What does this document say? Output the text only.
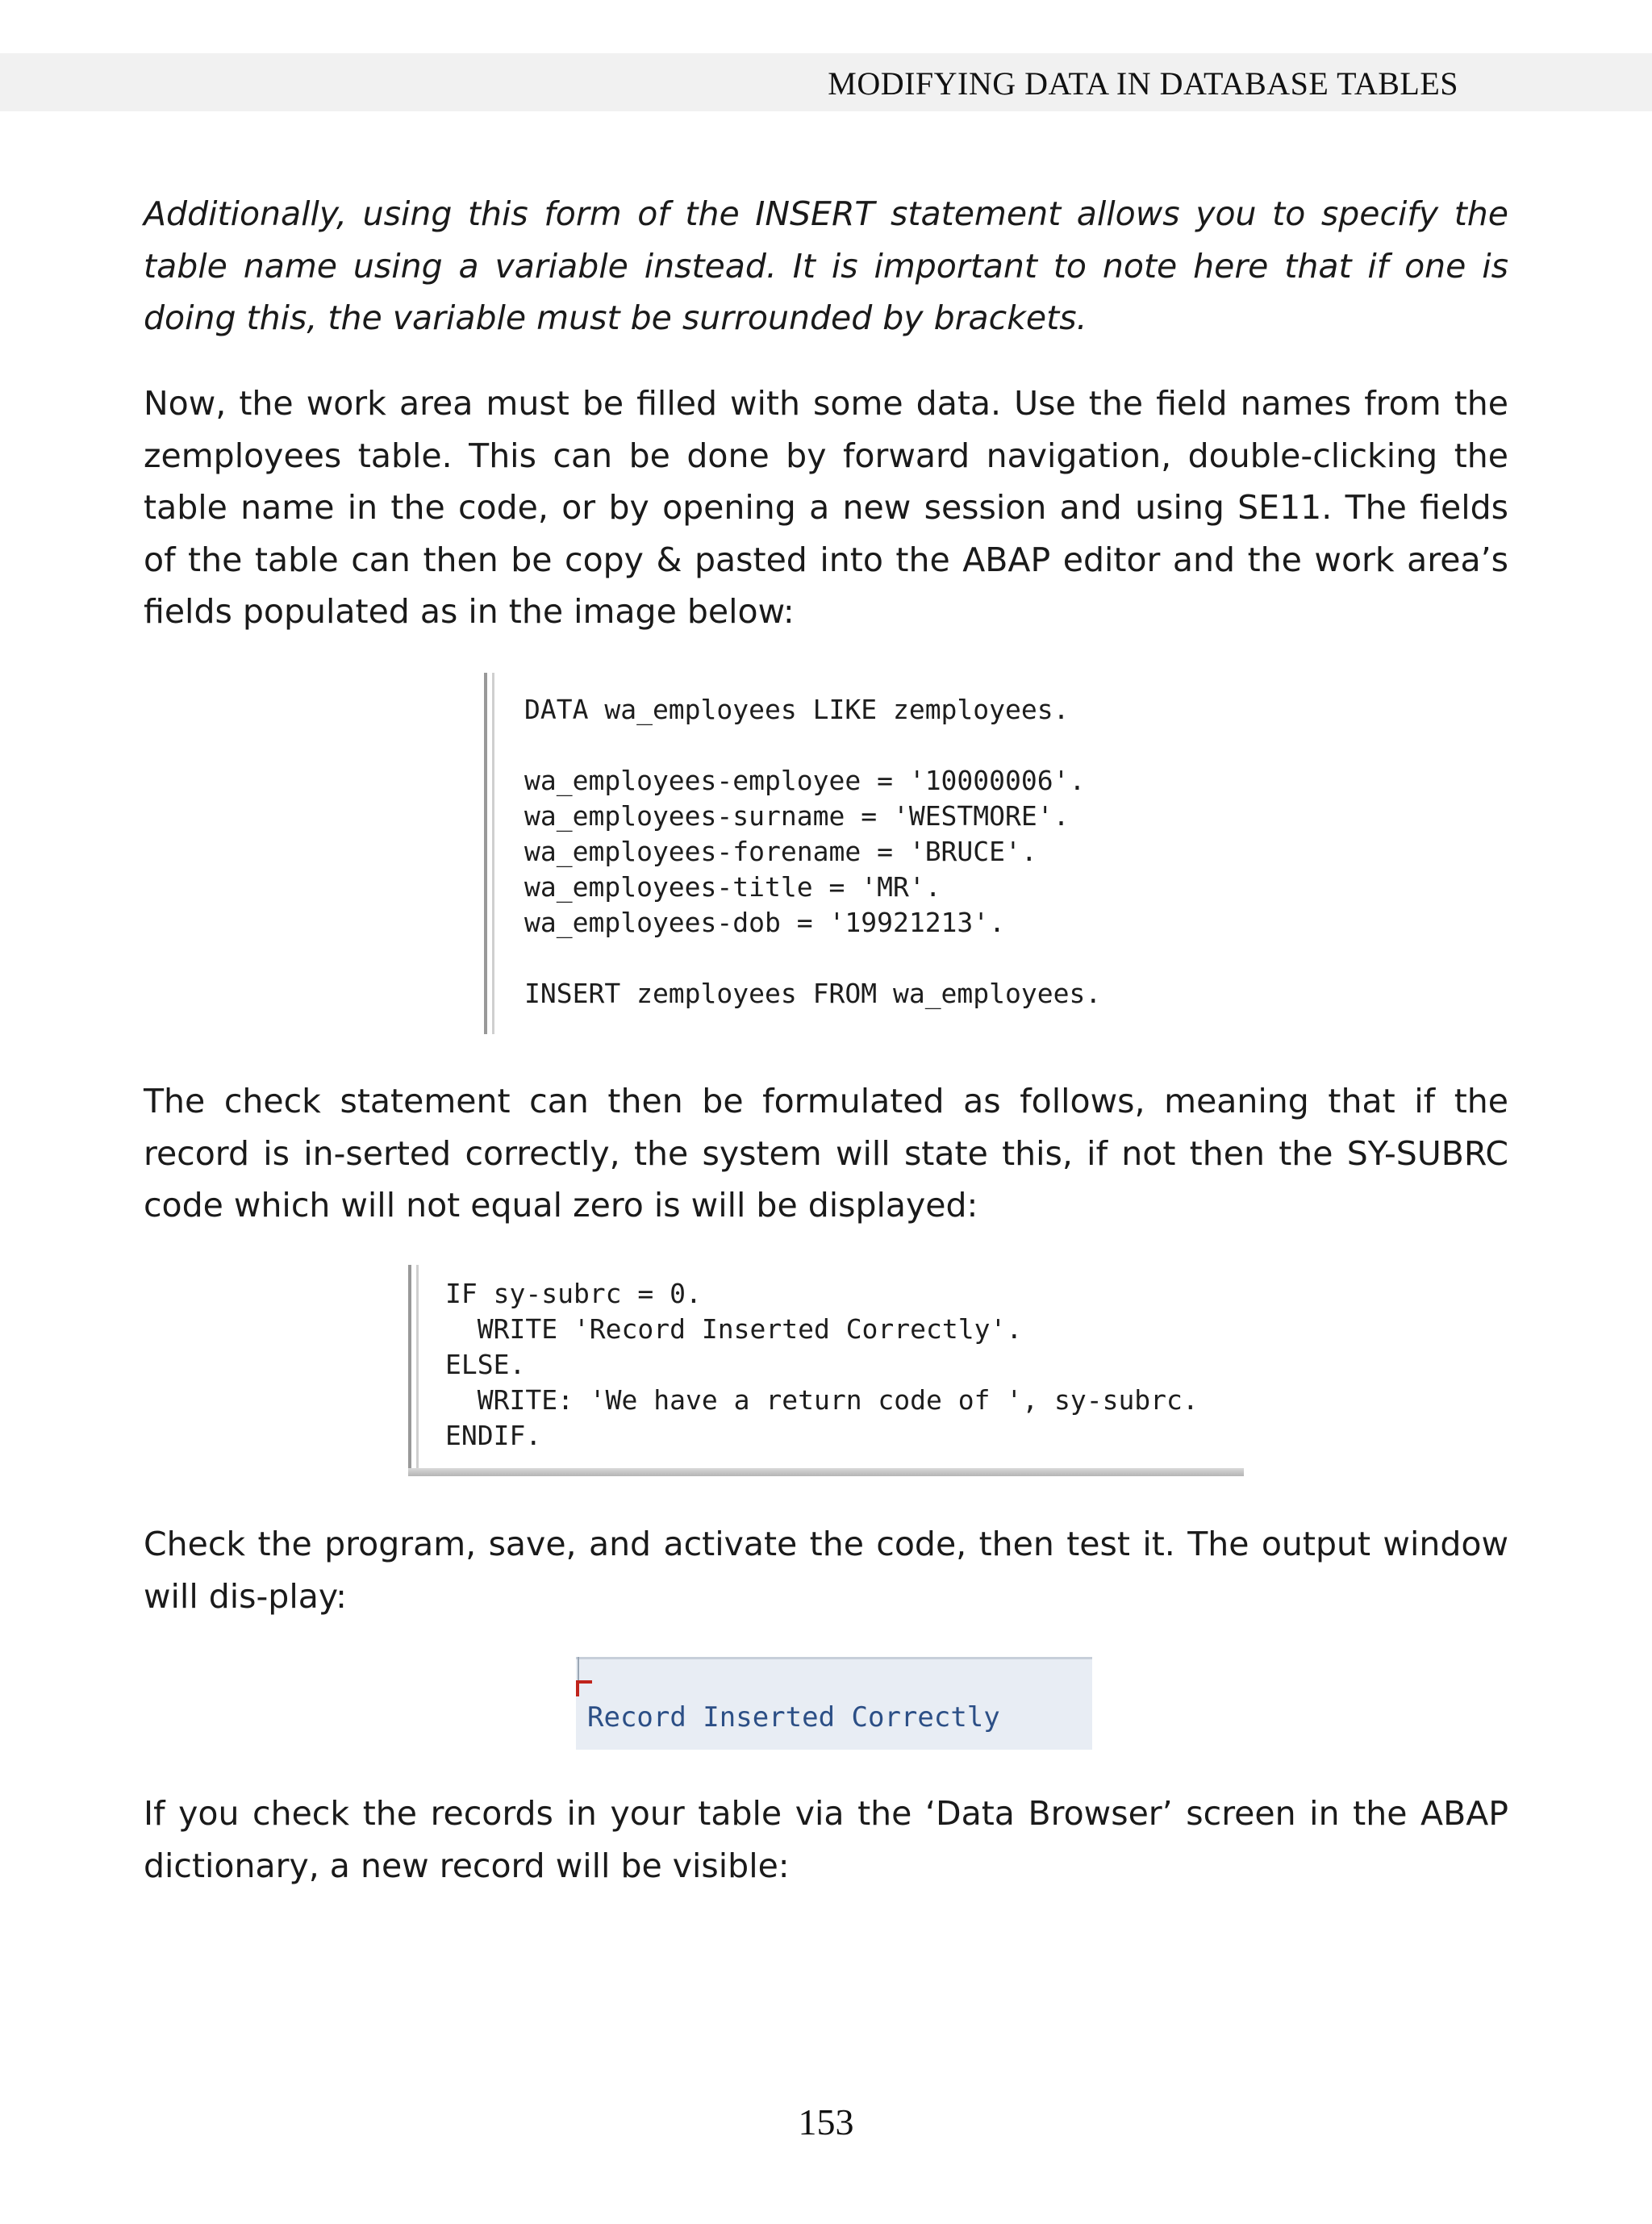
MODIFYING DATA IN DATABASE TABLES

Additionally, using this form of the INSERT statement allows you to specify the table name using a variable instead. It is important to note here that if one is doing this, the variable must be surrounded by brackets.

Now, the work area must be filled with some data. Use the field names from the zemployees table. This can be done by forward navigation, double-clicking the table name in the code, or by opening a new session and using SE11. The fields of the table can then be copy & pasted into the ABAP editor and the work area’s fields populated as in the image below:

DATA wa_employees LIKE zemployees.
wa_employees-employee = '10000006'.
wa_employees-surname = 'WESTMORE'.
wa_employees-forename = 'BRUCE'.
wa_employees-title = 'MR'.
wa_employees-dob = '19921213'.
INSERT zemployees FROM wa_employees.

The check statement can then be formulated as follows, meaning that if the record is in-serted correctly, the system will state this, if not then the SY-SUBRC code which will not equal zero is will be displayed:

IF sy-subrc = 0.
WRITE 'Record Inserted Correctly'.
ELSE.
WRITE: 'We have a return code of ', sy-subrc.
ENDIF.

Check the program, save, and activate the code, then test it. The output window will dis-play:

Record Inserted Correctly

If you check the records in your table via the ‘Data Browser’ screen in the ABAP dictionary, a new record will be visible:

153
